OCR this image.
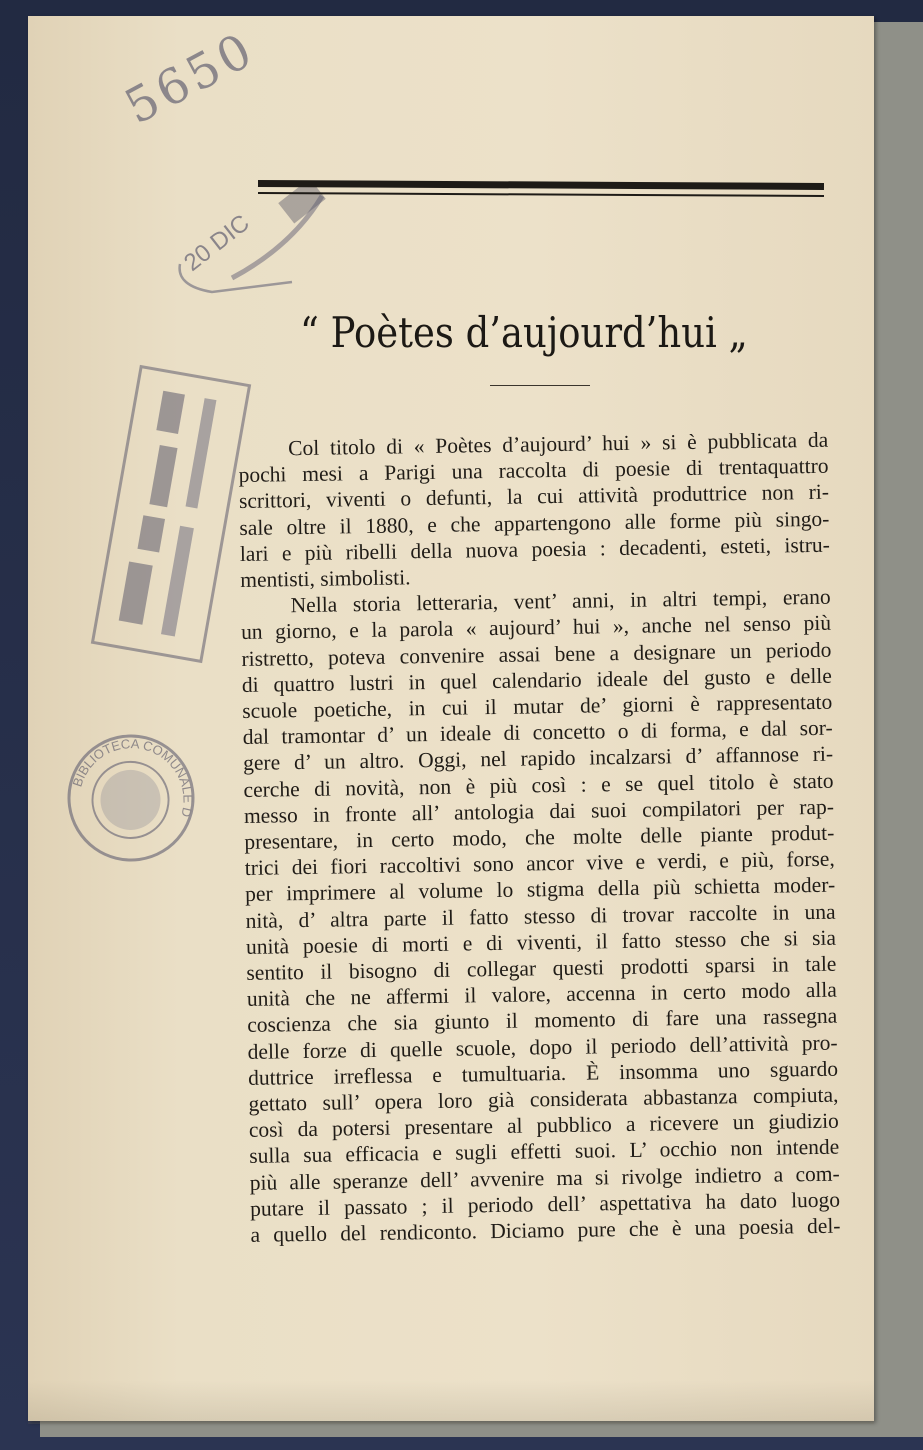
5650
20 DIC
BIBLIOTECA COMUNALE DELLA
“ Poètes d’aujourd’hui „
Col titolo di « Poètes d’aujourd’ hui » si è pubblicata da
pochi mesi a Parigi una raccolta di poesie di trentaquattro
scrittori, viventi o defunti, la cui attività produttrice non ri-
sale oltre il 1880, e che appartengono alle forme più singo-
lari e più ribelli della nuova poesia : decadenti, esteti, istru-
mentisti, simbolisti.
Nella storia letteraria, vent’ anni, in altri tempi, erano
un giorno, e la parola « aujourd’ hui », anche nel senso più
ristretto, poteva convenire assai bene a designare un periodo
di quattro lustri in quel calendario ideale del gusto e delle
scuole poetiche, in cui il mutar de’ giorni è rappresentato
dal tramontar d’ un ideale di concetto o di forma, e dal sor-
gere d’ un altro. Oggi, nel rapido incalzarsi d’ affannose ri-
cerche di novità, non è più così : e se quel titolo è stato
messo in fronte all’ antologia dai suoi compilatori per rap-
presentare, in certo modo, che molte delle piante produt-
trici dei fiori raccoltivi sono ancor vive e verdi, e più, forse,
per imprimere al volume lo stigma della più schietta moder-
nità, d’ altra parte il fatto stesso di trovar raccolte in una
unità poesie di morti e di viventi, il fatto stesso che si sia
sentito il bisogno di collegar questi prodotti sparsi in tale
unità che ne affermi il valore, accenna in certo modo alla
coscienza che sia giunto il momento di fare una rassegna
delle forze di quelle scuole, dopo il periodo dell’attività pro-
duttrice irreflessa e tumultuaria. È insomma uno sguardo
gettato sull’ opera loro già considerata abbastanza compiuta,
così da potersi presentare al pubblico a ricevere un giudizio
sulla sua efficacia e sugli effetti suoi. L’ occhio non intende
più alle speranze dell’ avvenire ma si rivolge indietro a com-
putare il passato ; il periodo dell’ aspettativa ha dato luogo
a quello del rendiconto. Diciamo pure che è una poesia del-
